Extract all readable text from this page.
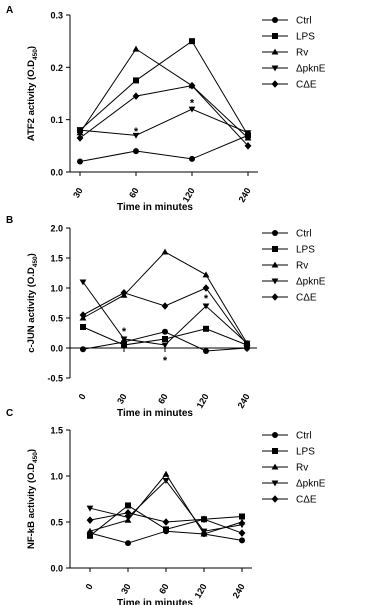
A
0.0
0.1
0.2
0.3
30	60	120	240
Time in minutes
ATF2 activity $(O.D_{450})$
*
*
Ctrl
LPS
Rv
ΔpknE
CΔE
B
-0.5
0.0
0.5
1.0
1.5
2.0
0	30	60	120	240
Time in minutes
c-JUN activity $(O.D_{450})$
*
*
*
Ctrl
LPS
Rv
ΔpknE
CΔE
C
0.0
0.5
1.0
1.5
0	30	60 120 240
Time in minutes
NF-kB activity $(O.D_{450})$
Ctrl
LPS
Rv
ΔpknE
CΔE
